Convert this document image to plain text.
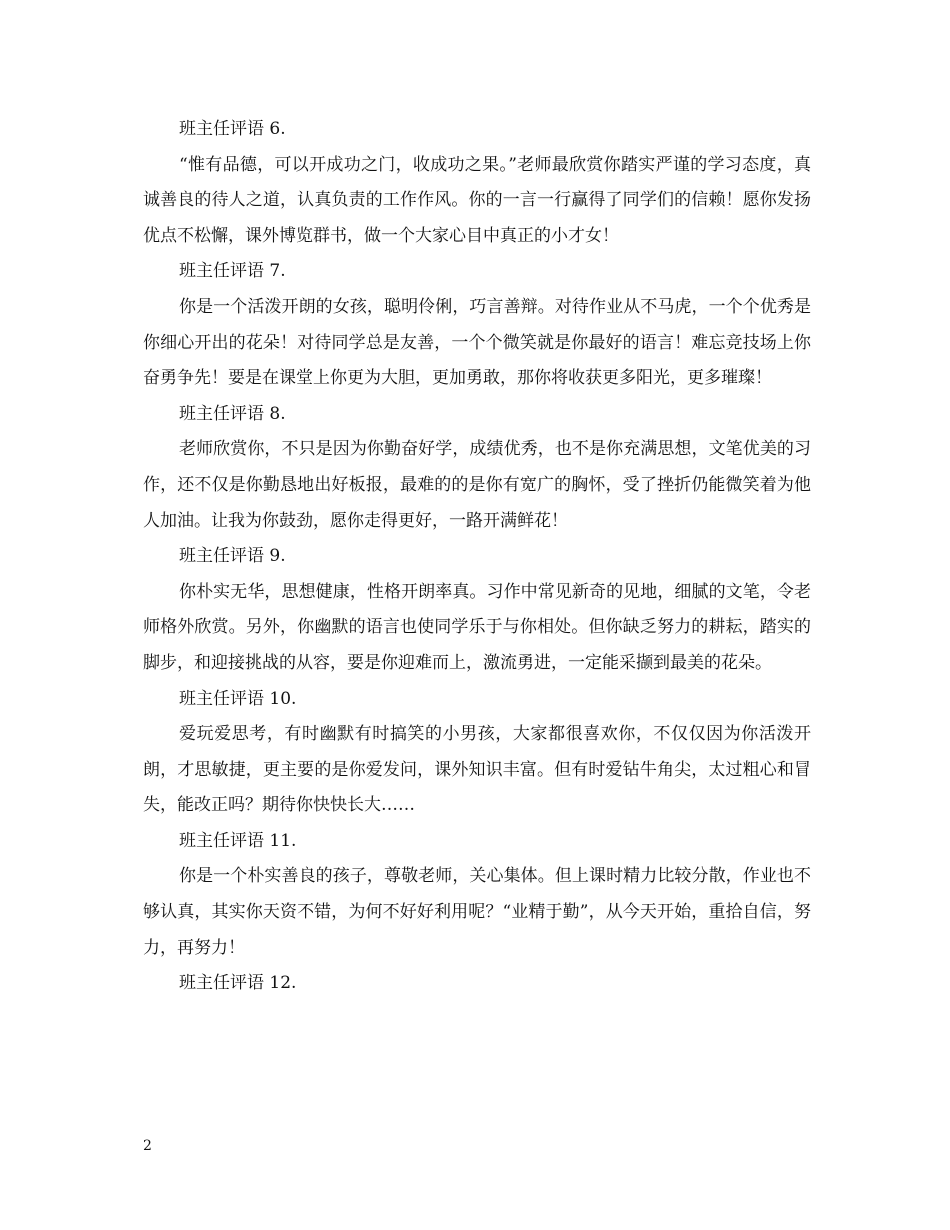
班主任评语 6.

“惟有品德，可以开成功之门，收成功之果。”老师最欣赏你踏实严谨的学习态度，真诚善良的待人之道，认真负责的工作作风。你的一言一行赢得了同学们的信赖！愿你发扬优点不松懈，课外博览群书，做一个大家心目中真正的小才女！

班主任评语 7.

你是一个活泼开朗的女孩，聪明伶俐，巧言善辩。对待作业从不马虎，一个个优秀是你细心开出的花朵！对待同学总是友善，一个个微笑就是你最好的语言！难忘竞技场上你奋勇争先！要是在课堂上你更为大胆，更加勇敢，那你将收获更多阳光，更多璀璨！

班主任评语 8.

老师欣赏你，不只是因为你勤奋好学，成绩优秀，也不是你充满思想，文笔优美的习作，还不仅是你勤恳地出好板报，最难的的是你有宽广的胸怀，受了挫折仍能微笑着为他人加油。让我为你鼓劲，愿你走得更好，一路开满鲜花！

班主任评语 9.

你朴实无华，思想健康，性格开朗率真。习作中常见新奇的见地，细腻的文笔，令老师格外欣赏。另外，你幽默的语言也使同学乐于与你相处。但你缺乏努力的耕耘，踏实的脚步，和迎接挑战的从容，要是你迎难而上，激流勇进，一定能采撷到最美的花朵。

班主任评语 10.

爱玩爱思考，有时幽默有时搞笑的小男孩，大家都很喜欢你，不仅仅因为你活泼开朗，才思敏捷，更主要的是你爱发问，课外知识丰富。但有时爱钻牛角尖，太过粗心和冒失，能改正吗？期待你快快长大……

班主任评语 11.

你是一个朴实善良的孩子，尊敬老师，关心集体。但上课时精力比较分散，作业也不够认真，其实你天资不错，为何不好好利用呢？“业精于勤”，从今天开始，重拾自信，努力，再努力！

班主任评语 12.

2
